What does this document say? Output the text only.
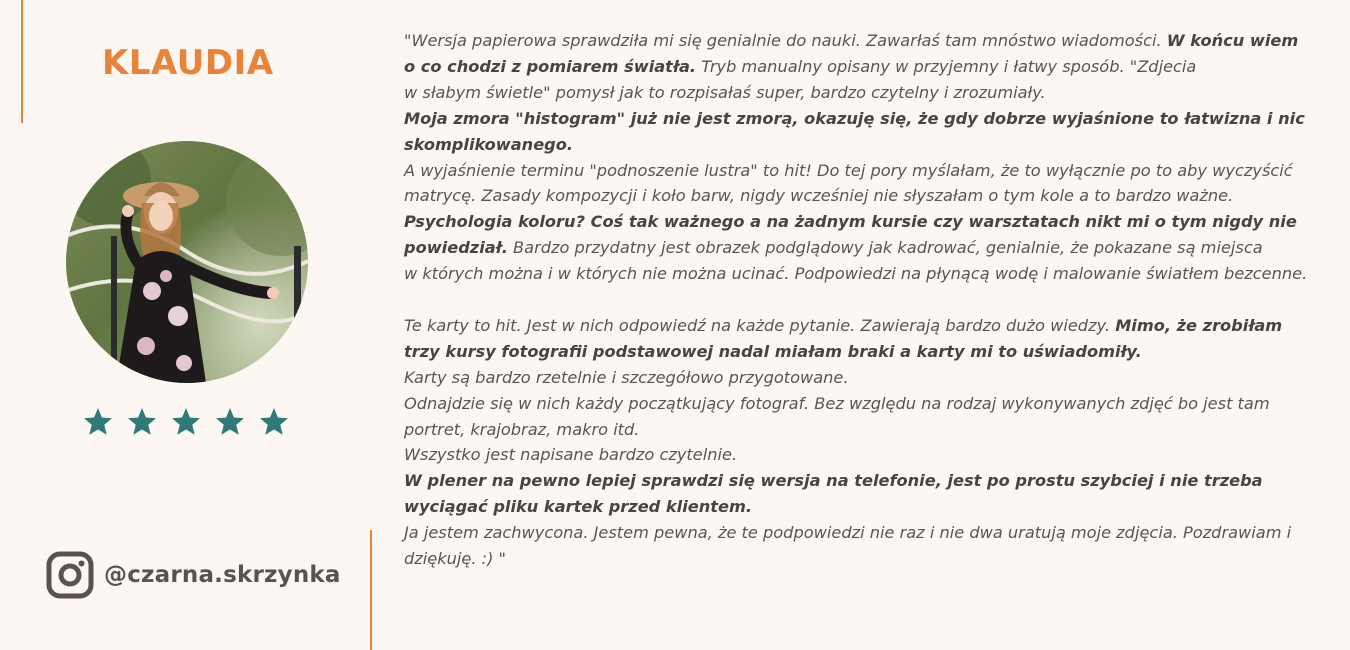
KLAUDIA
@czarna.skrzynka

"Wersja papierowa sprawdziła mi się genialnie do nauki. Zawarłaś tam mnóstwo wiadomości. W końcu wiem o co chodzi z pomiarem światła. Tryb manualny opisany w przyjemny i łatwy sposób. "Zdjecia

w słabym świetle" pomysł jak to rozpisałaś super, bardzo czytelny i zrozumiały.

Moja zmora "histogram" już nie jest zmorą, okazuję się, że gdy dobrze wyjaśnione to łatwizna i nic skomplikowanego.

A wyjaśnienie terminu "podnoszenie lustra" to hit! Do tej pory myślałam, że to wyłącznie po to aby wyczyścić matrycę. Zasady kompozycji i koło barw, nigdy wcześniej nie słyszałam o tym kole a to bardzo ważne. Psychologia koloru? Coś tak ważnego a na żadnym kursie czy warsztatach nikt mi o tym nigdy nie powiedział. Bardzo przydatny jest obrazek podglądowy jak kadrować, genialnie, że pokazane są miejsca

w których można i w których nie można ucinać. Podpowiedzi na płynącą wodę i malowanie światłem bezcenne.

Te karty to hit. Jest w nich odpowiedź na każde pytanie. Zawierają bardzo dużo wiedzy. Mimo, że zrobiłam trzy kursy fotografii podstawowej nadal miałam braki a karty mi to uświadomiły.

Karty są bardzo rzetelnie i szczegółowo przygotowane.

Odnajdzie się w nich każdy początkujący fotograf. Bez względu na rodzaj wykonywanych zdjęć bo jest tam portret, krajobraz, makro itd.

Wszystko jest napisane bardzo czytelnie.

W plener na pewno lepiej sprawdzi się wersja na telefonie, jest po prostu szybciej i nie trzeba wyciągać pliku kartek przed klientem.

Ja jestem zachwycona. Jestem pewna, że te podpowiedzi nie raz i nie dwa uratują moje zdjęcia. Pozdrawiam i dziękuję. :) "
